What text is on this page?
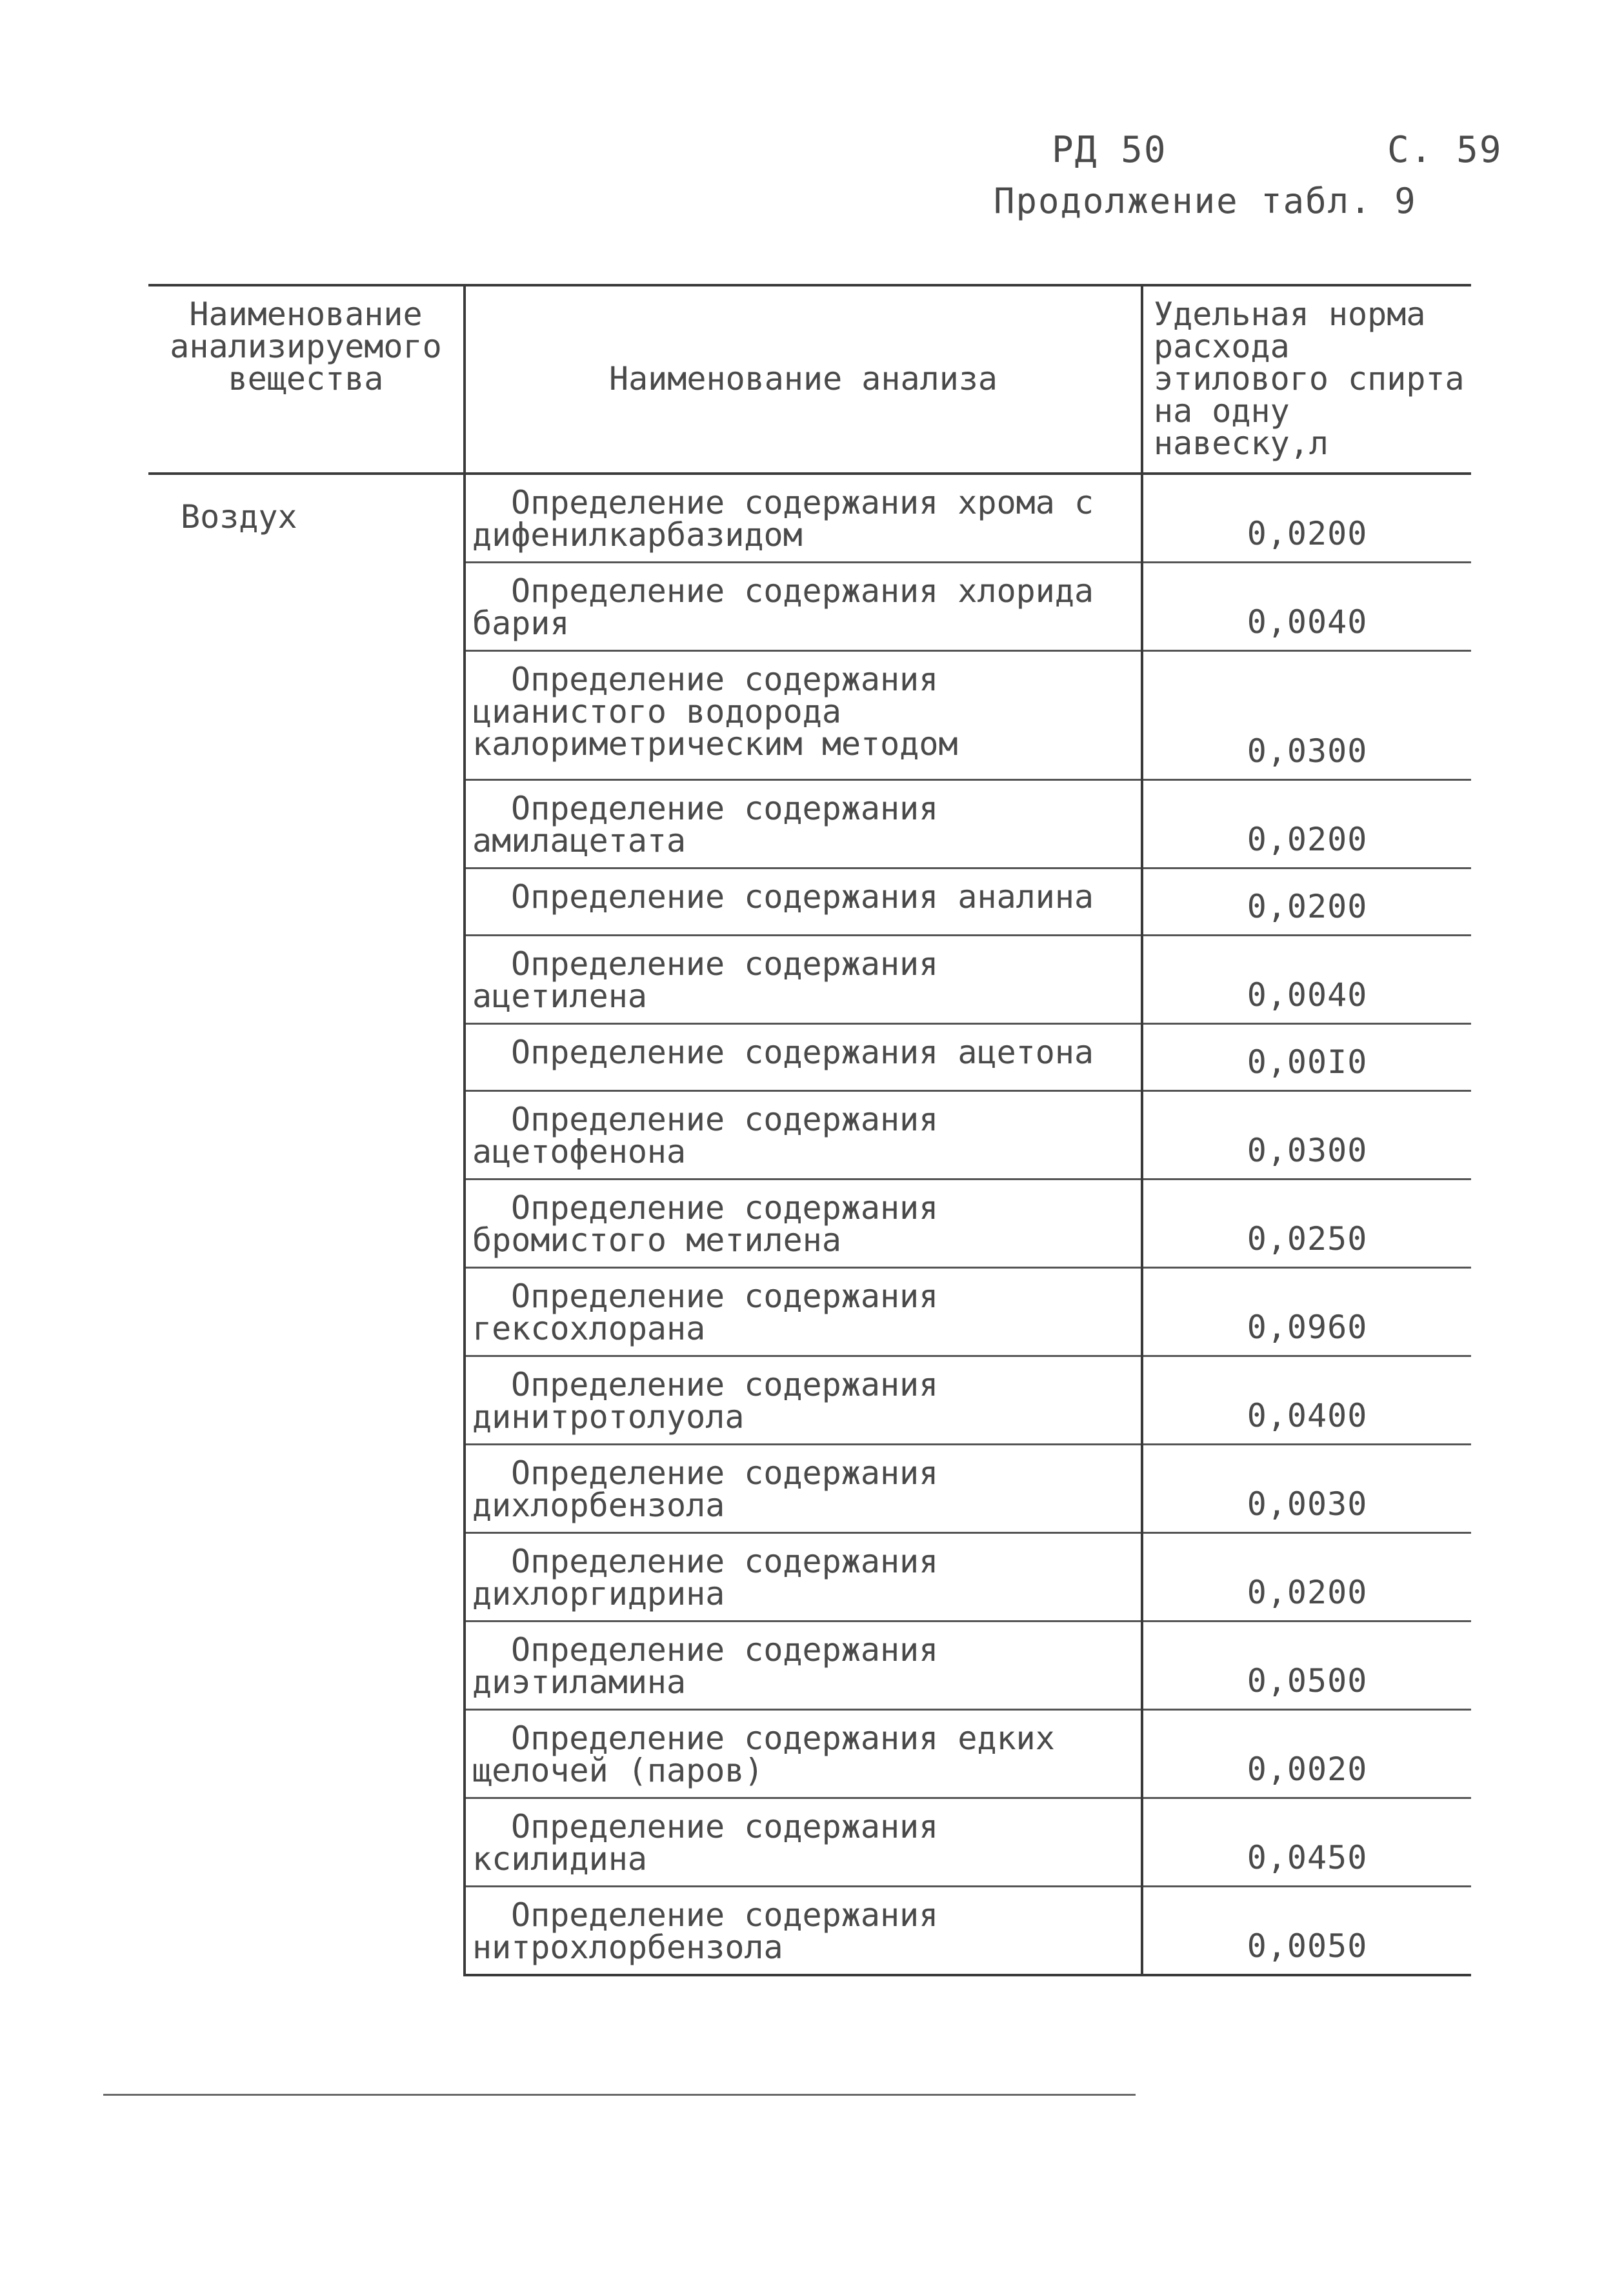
РД 50	С. 59
Продолжение табл. 9
Наименование анализируемого вещества	Наименование анализа	Удельная норма расхода этилового спирта на одну навеску,л
Воздух	Определение содержания хрома с дифенилкарбазидом	0,0200
	Определение содержания хлорида бария	0,0040
	Определение содержания цианистого водорода калориметрическим методом	0,0300
	Определение содержания амилацетата	0,0200
	Определение содержания аналина	0,0200
	Определение содержания ацетилена	0,0040
	Определение содержания ацетона	0,00I0
	Определение содержания ацетофенона	0,0300
	Определение содержания бромистого метилена	0,0250
	Определение содержания гексохлорана	0,0960
	Определение содержания динитротолуола	0,0400
	Определение содержания дихлорбензола	0,0030
	Определение содержания дихлоргидрина	0,0200
	Определение содержания диэтиламина	0,0500
	Определение содержания едких щелочей (паров)	0,0020
	Определение содержания ксилидина	0,0450
	Определение содержания нитрохлорбензола	0,0050
